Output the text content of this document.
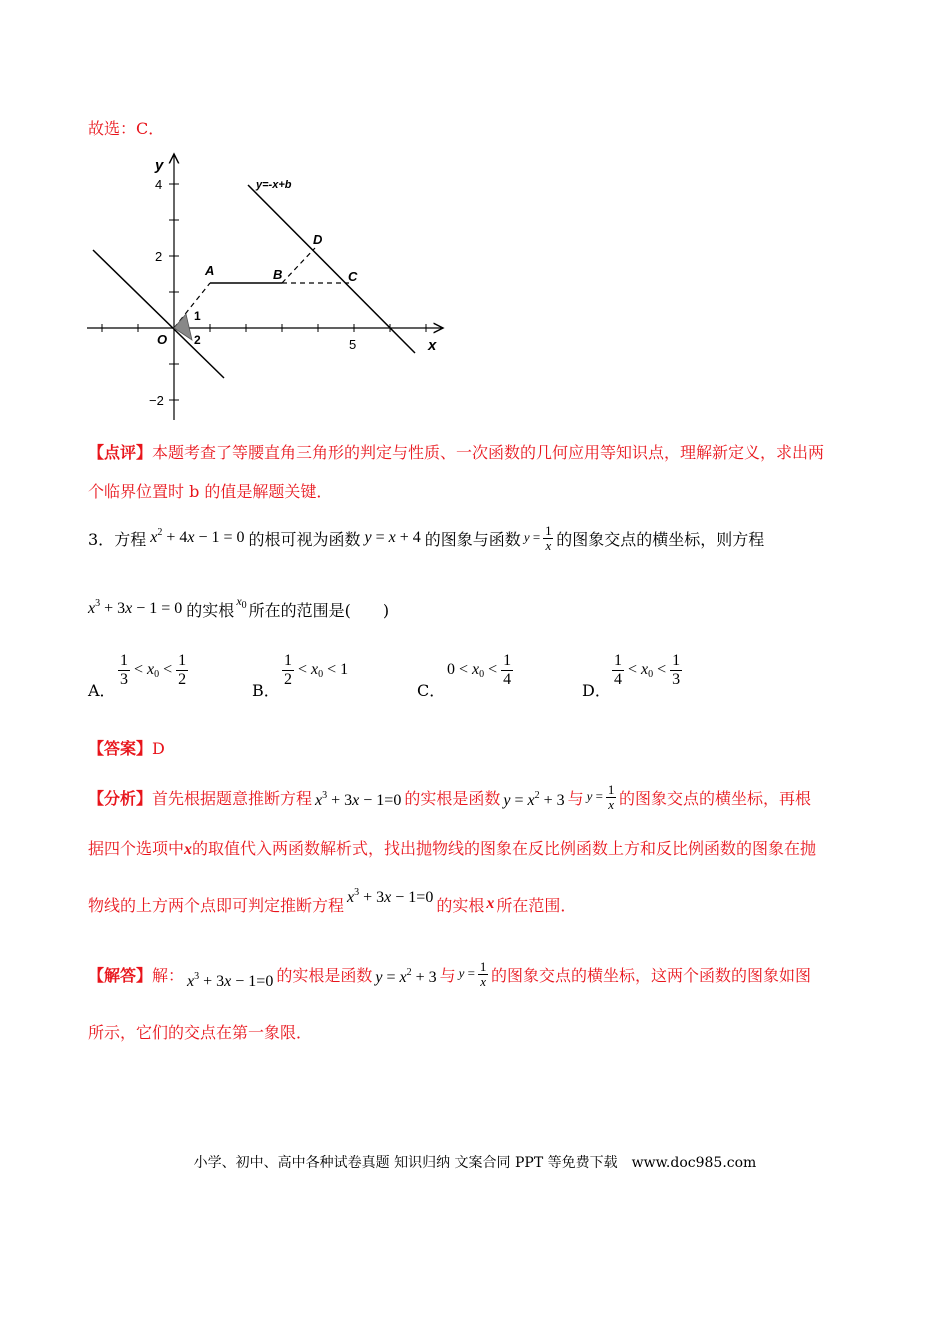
故选：C．
4
2
−2
5
O
y
x
y=-x+b
A	B	C
D
1
2
【点评】本题考查了等腰直角三角形的判定与性质、一次函数的几何应用等知识点，理解新定义，求出两
个临界位置时 b 的值是解题关键．
3． 方程 $x^2 + 4x - 1 = 0$ 的根可视为函数 y = x + 4 的图象与函数 $y = \frac{1}{x}$ 的图象交点的横坐标，则方程
$x^3 + 3x - 1 = 0$ 的实根 $x_0$ 所在的范围是(　　)
A．
$\frac{1}{3} < x_0 < \frac{1}{2}$
B．
$\frac{1}{2} < x_0 < 1$
C．
$0 < x_0 < \frac{1}{4}$
D．
$\frac{1}{4} < x_0 < \frac{1}{3}$
【答案】D
【分析】 首先根据题意推断方程 $x^3 + 3x - 1=0$ 的实根是函数 $y = x^2 + 3$ 与 $y = \frac{1}{x}$ 的图象交点的横坐标，再根
据四个选项中x的取值代入两函数解析式，找出抛物线的图象在反比例函数上方和反比例函数的图象在抛
物线的上方两个点即可判定推断方程 $x^3 + 3x - 1=0$ 的实根 x 所在范围．
【解答】 解： $x^3 + 3x - 1=0$ 的实根是函数 $y = x^2 + 3$ 与 $y = \frac{1}{x}$ 的图象交点的横坐标，这两个函数的图象如图
所示，它们的交点在第一象限．
小学、初中、高中各种试卷真题 知识归纳 文案合同 PPT 等免费下载　www.doc985.com
